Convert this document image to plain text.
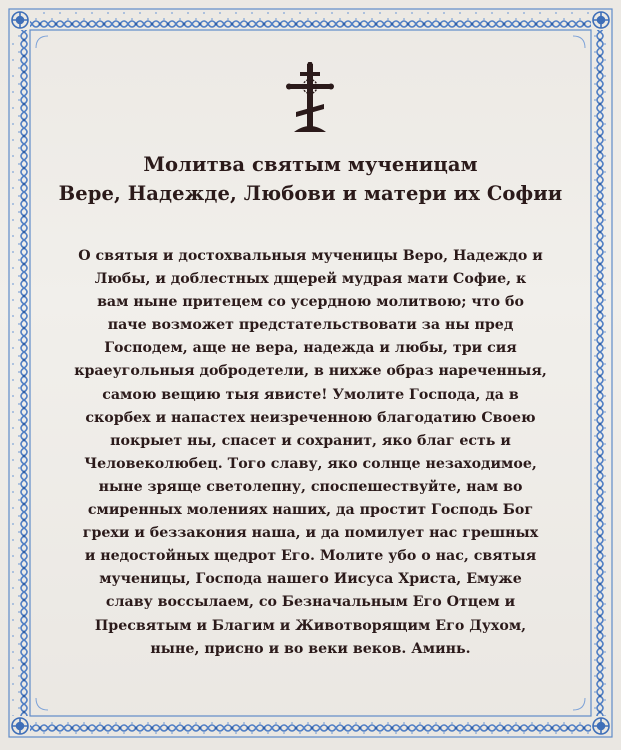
Молитва святым мученицам
Вере, Надежде, Любови и матери их Софии
О святыя и достохвальныя мученицы Веро, Надеждо и
Любы, и доблестных дщерей мудрая мати Софие, к
вам ныне притецем со усердною молитвою; что бо
паче возможет предстательствовати за ны пред
Господем, аще не вера, надежда и любы, три сия
краеугольныя добродетели, в нихже образ нареченныя,
самою вещию тыя явисте! Умолите Господа, да в
скорбех и напастех неизреченною благодатию Своею
покрыет ны, спасет и сохранит, яко благ есть и
Человеколюбец. Того славу, яко солнце незаходимое,
ныне зряще светолепну, споспешествуйте, нам во
смиренных молениях наших, да простит Господь Бог
грехи и беззакония наша, и да помилует нас грешных
и недостойных щедрот Его. Молите убо о нас, святыя
мученицы, Господа нашего Иисуса Христа, Емуже
славу воссылаем, со Безначальным Его Отцем и
Пресвятым и Благим и Животворящим Его Духом,
ныне, присно и во веки веков. Аминь.
